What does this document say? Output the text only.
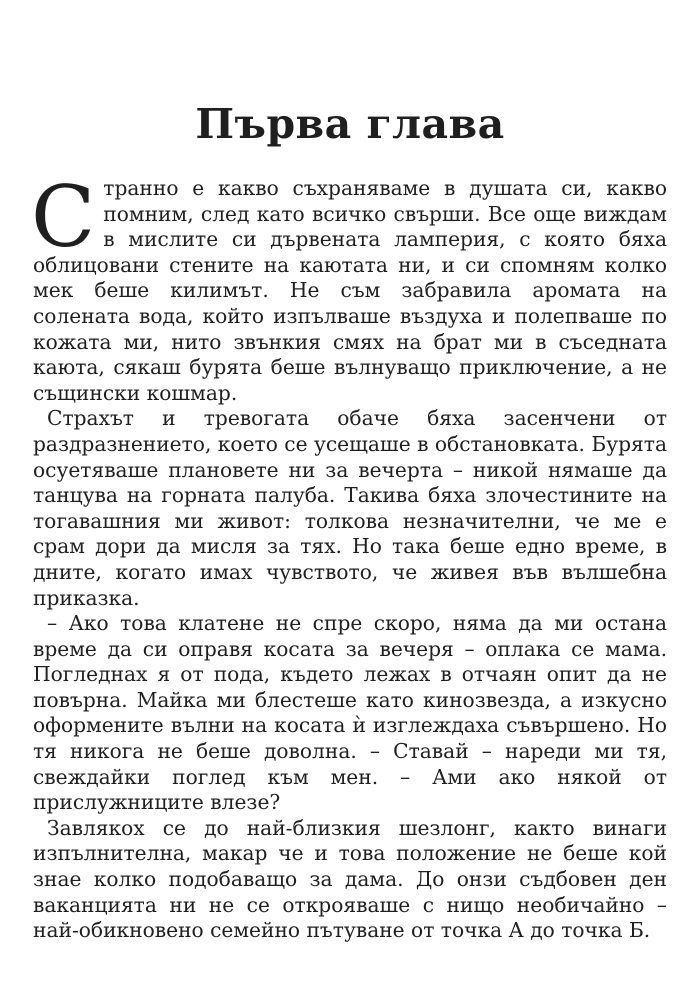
Първа глава

С транно е какво съхраняваме в душата си, какво помним, след като всичко свърши. Все още виждам в мислите си дървената ламперия, с която бяха облицовани стените на каютата ни, и си спомням колко мек беше килимът. Не съм забравила аромата на солената вода, който изпълваше въздуха и полепваше по кожата ми, нито звънкия смях на брат ми в съседната каюта, сякаш бурята беше вълнуващо приключение, а не същински кошмар.

Страхът и тревогата обаче бяха засенчени от раздразнението, което се усещаше в обстановката. Бурята осуетяваше плановете ни за вечерта – никой нямаше да танцува на горната палуба. Такива бяха злочестините на тогавашния ми живот: толкова незначителни, че ме е срам дори да мисля за тях. Но така беше едно време, в дните, когато имах чувството, че живея във вълшебна приказка.

– Ако това клатене не спре скоро, няма да ми остана време да си оправя косата за вечеря – оплака се мама. Погледнах я от пода, където лежах в отчаян опит да не повърна. Майка ми блестеше като кинозвезда, а изкусно оформените вълни на косата ѝ изглеждаха съвършено. Но тя никога не беше доволна. – Ставай – нареди ми тя, свеждайки поглед към мен. – Ами ако някой от прислужниците влезе?

Завлякох се до най-близкия шезлонг, както винаги изпълнителна, макар че и това положение не беше кой знае колко подобаващо за дама. До онзи съдбовен ден ваканцията ни не се открояваше с нищо необичайно – най-обикновено семейно пътуване от точка А до точка Б.
